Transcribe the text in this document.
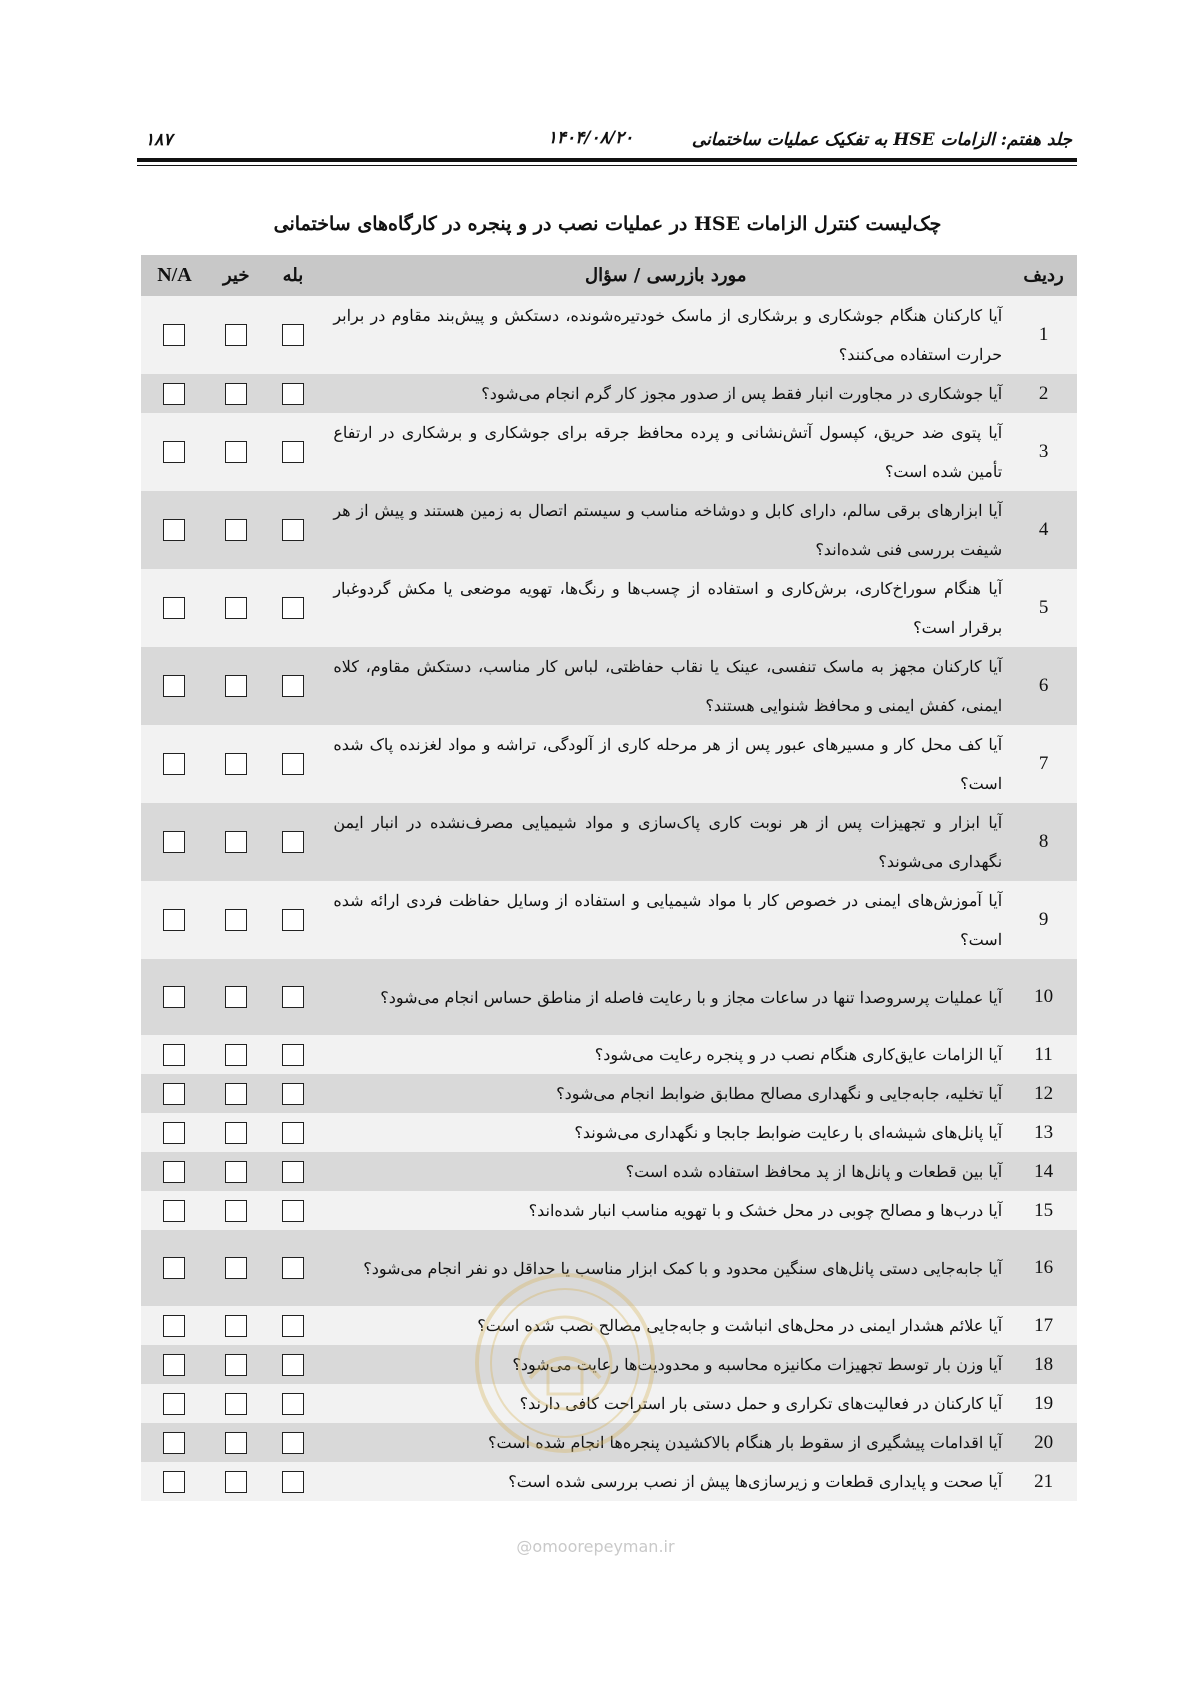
۱۸۷	۱۴۰۴/۰۸/۲۰	جلد هفتم: الزامات HSE به تفکیک عملیات ساختمانی
چک‌لیست کنترل الزامات HSE در عملیات نصب در و پنجره در کارگاه‌های ساختمانی
ردیف	مورد بازرسی / سؤال	بله	خیر	N/A
1	آیا کارکنان هنگام جوشکاری و برشکاری از ماسک خودتیره‌شونده، دستکش و پیش‌بند مقاوم در برابر حرارت استفاده می‌کنند؟			
2	آیا جوشکاری در مجاورت انبار فقط پس از صدور مجوز کار گرم انجام می‌شود؟			
3	آیا پتوی ضد حریق، کپسول آتش‌نشانی و پرده محافظ جرقه برای جوشکاری و برشکاری در ارتفاع تأمین شده است؟			
4	آیا ابزارهای برقی سالم، دارای کابل و دوشاخه مناسب و سیستم اتصال به زمین هستند و پیش از هر شیفت بررسی فنی شده‌اند؟			
5	آیا هنگام سوراخ‌کاری، برش‌کاری و استفاده از چسب‌ها و رنگ‌ها، تهویه موضعی یا مکش گردوغبار برقرار است؟			
6	آیا کارکنان مجهز به ماسک تنفسی، عینک یا نقاب حفاظتی، لباس کار مناسب، دستکش مقاوم، کلاه ایمنی، کفش ایمنی و محافظ شنوایی هستند؟			
7	آیا کف محل کار و مسیرهای عبور پس از هر مرحله کاری از آلودگی، تراشه و مواد لغزنده پاک شده است؟			
8	آیا ابزار و تجهیزات پس از هر نوبت کاری پاک‌سازی و مواد شیمیایی مصرف‌نشده در انبار ایمن نگهداری می‌شوند؟			
9	آیا آموزش‌های ایمنی در خصوص کار با مواد شیمیایی و استفاده از وسایل حفاظت فردی ارائه شده است؟			
10	آیا عملیات پرسروصدا تنها در ساعات مجاز و با رعایت فاصله از مناطق حساس انجام می‌شود؟			
11	آیا الزامات عایق‌کاری هنگام نصب در و پنجره رعایت می‌شود؟			
12	آیا تخلیه، جابه‌جایی و نگهداری مصالح مطابق ضوابط انجام می‌شود؟			
13	آیا پانل‌های شیشه‌ای با رعایت ضوابط جابجا و نگهداری می‌شوند؟			
14	آیا بین قطعات و پانل‌ها از پد محافظ استفاده شده است؟			
15	آیا درب‌ها و مصالح چوبی در محل خشک و با تهویه مناسب انبار شده‌اند؟			
16	آیا جابه‌جایی دستی پانل‌های سنگین محدود و با کمک ابزار مناسب یا حداقل دو نفر انجام می‌شود؟			
17	آیا علائم هشدار ایمنی در محل‌های انباشت و جابه‌جایی مصالح نصب شده است؟			
18	آیا وزن بار توسط تجهیزات مکانیزه محاسبه و محدودیت‌ها رعایت می‌شود؟			
19	آیا کارکنان در فعالیت‌های تکراری و حمل دستی بار استراحت کافی دارند؟			
20	آیا اقدامات پیشگیری از سقوط بار هنگام بالاکشیدن پنجره‌ها انجام شده است؟			
21	آیا صحت و پایداری قطعات و زیرسازی‌ها پیش از نصب بررسی شده است؟			
@omoorepeyman.ir
